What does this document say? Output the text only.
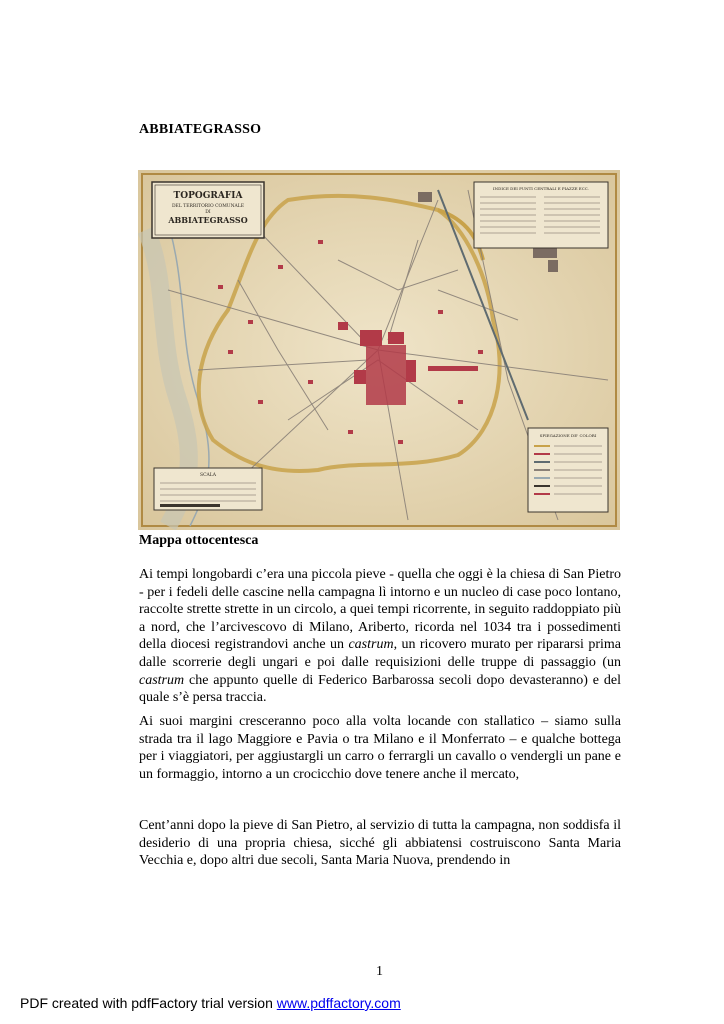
ABBIATEGRASSO
TOPOGRAFIA
DEL TERRITORIO COMUNALE
DI
ABBIATEGRASSO
INDICE DEI PUNTI CENTRALI E PIAZZE ECC.
SPIEGAZIONE DE' COLORI
SCALA
Mappa ottocentesca

Ai tempi longobardi c’era una piccola pieve - quella che oggi è la chiesa di San Pietro - per i fedeli delle cascine nella campagna lì intorno e un nucleo di case poco lontano, raccolte strette strette in un circolo, a quei tempi ricorrente, in seguito raddoppiato più a nord, che l’arcivescovo di Milano, Ariberto, ricorda nel 1034 tra i possedimenti della diocesi registrandovi anche un castrum, un ricovero murato per ripararsi prima dalle scorrerie degli ungari e poi dalle requisizioni delle truppe di passaggio (un castrum che appunto quelle di Federico Barbarossa secoli dopo devasteranno) e del quale s’è persa traccia.

Ai suoi margini cresceranno poco alla volta locande con stallatico – siamo sulla strada tra il lago Maggiore e Pavia o tra Milano e il Monferrato – e qualche bottega per i viaggiatori, per aggiustargli un carro o ferrargli un cavallo o vendergli un pane e un formaggio, intorno a un crocicchio dove tenere anche il mercato,

Cent’anni dopo la pieve di San Pietro, al servizio di tutta la campagna, non soddisfa il desiderio di una propria chiesa, sicché gli abbiatensi costruiscono Santa Maria Vecchia e, dopo altri due secoli, Santa Maria Nuova, prendendo in

1
PDF created with pdfFactory trial version www.pdffactory.com
